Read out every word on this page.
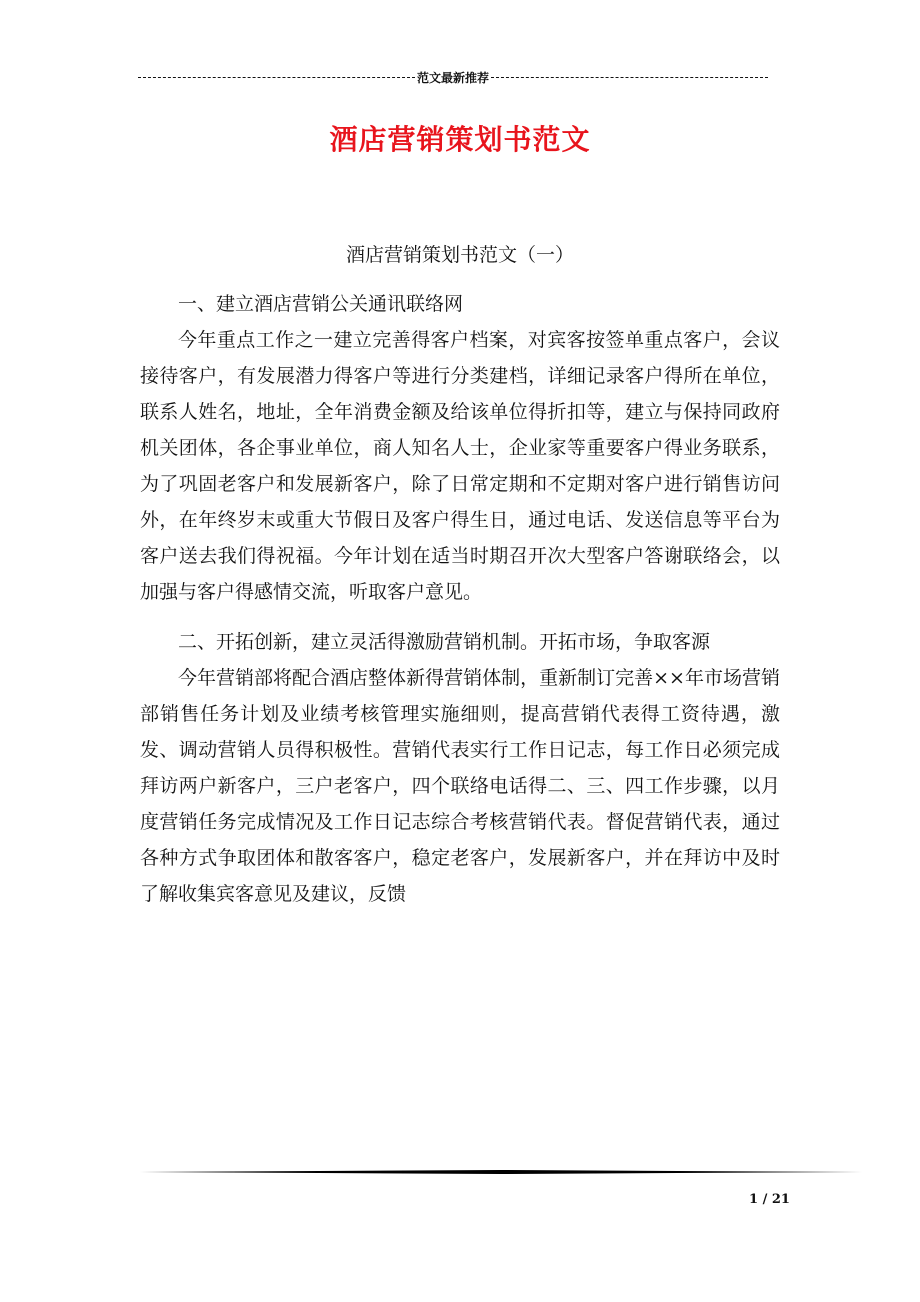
范文最新推荐
酒店营销策划书范文
酒店营销策划书范文（一）

一、建立酒店营销公关通讯联络网

今年重点工作之一建立完善得客户档案，对宾客按签单重点客户，会议接待客户，有发展潜力得客户等进行分类建档，详细记录客户得所在单位，联系人姓名，地址，全年消费金额及给该单位得折扣等，建立与保持同政府机关团体，各企事业单位，商人知名人士，企业家等重要客户得业务联系，为了巩固老客户和发展新客户，除了日常定期和不定期对客户进行销售访问外，在年终岁末或重大节假日及客户得生日，通过电话、发送信息等平台为客户送去我们得祝福。今年计划在适当时期召开次大型客户答谢联络会，以加强与客户得感情交流，听取客户意见。

二、开拓创新，建立灵活得激励营销机制。开拓市场，争取客源

今年营销部将配合酒店整体新得营销体制，重新制订完善××年市场营销部销售任务计划及业绩考核管理实施细则，提高营销代表得工资待遇，激发、调动营销人员得积极性。营销代表实行工作日记志，每工作日必须完成拜访两户新客户，三户老客户，四个联络电话得二、三、四工作步骤，以月度营销任务完成情况及工作日记志综合考核营销代表。督促营销代表，通过各种方式争取团体和散客客户，稳定老客户，发展新客户，并在拜访中及时了解收集宾客意见及建议，反馈

1 / 21
